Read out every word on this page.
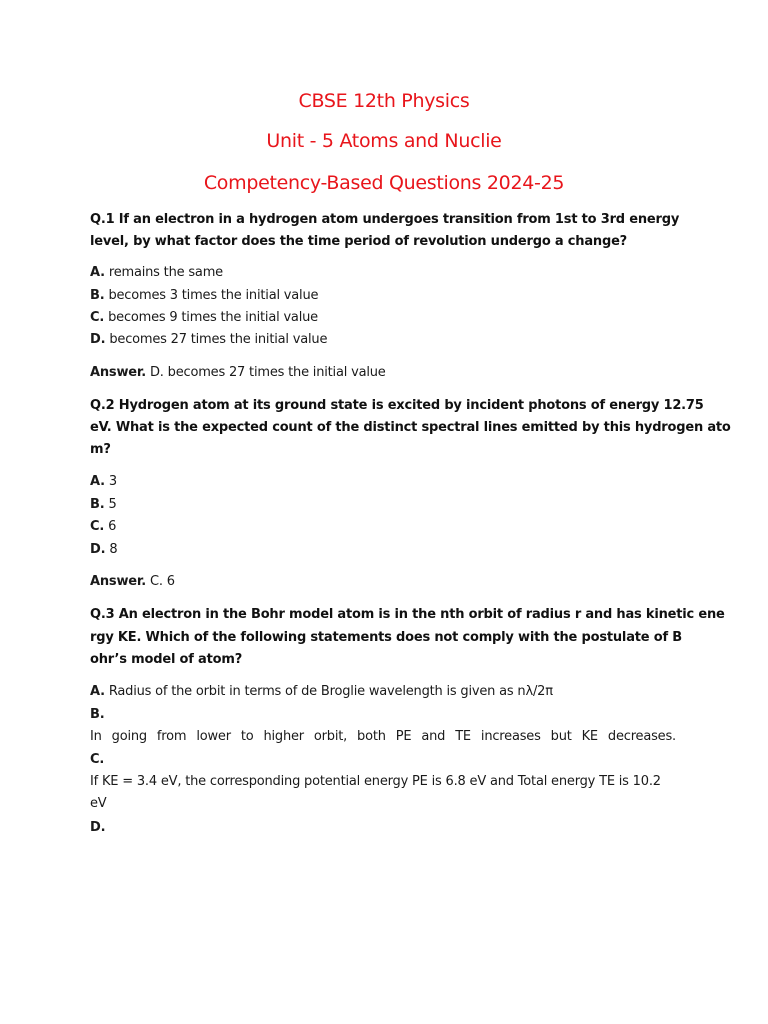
CBSE 12th Physics
Unit - 5 Atoms and Nuclie
Competency-Based Questions 2024-25
Q.1 If an electron in a hydrogen atom undergoes transition from 1st to 3rd energy level, by what factor does the time period of revolution undergo a change?
A. remains the same
B. becomes 3 times the initial value
C. becomes 9 times the initial value
D. becomes 27 times the initial value
Answer. D. becomes 27 times the initial value
Q.2 Hydrogen atom at its ground state is excited by incident photons of energy 12.75
eV. What is the expected count of the distinct spectral lines emitted by this hydrogen ato
m?
A. 3
B. 5
C. 6
D. 8
Answer. C. 6
Q.3 An electron in the Bohr model atom is in the nth orbit of radius r and has kinetic ene
rgy KE. Which of the following statements does not comply with the postulate of B
ohr’s model of atom?
A. Radius of the orbit in terms of de Broglie wavelength is given as nλ/2π
B.
In going from lower to higher orbit, both PE and TE increases but KE decreases.
C.
If KE = 3.4 eV, the corresponding potential energy PE is 6.8 eV and Total energy TE is 10.2 eV
D.
